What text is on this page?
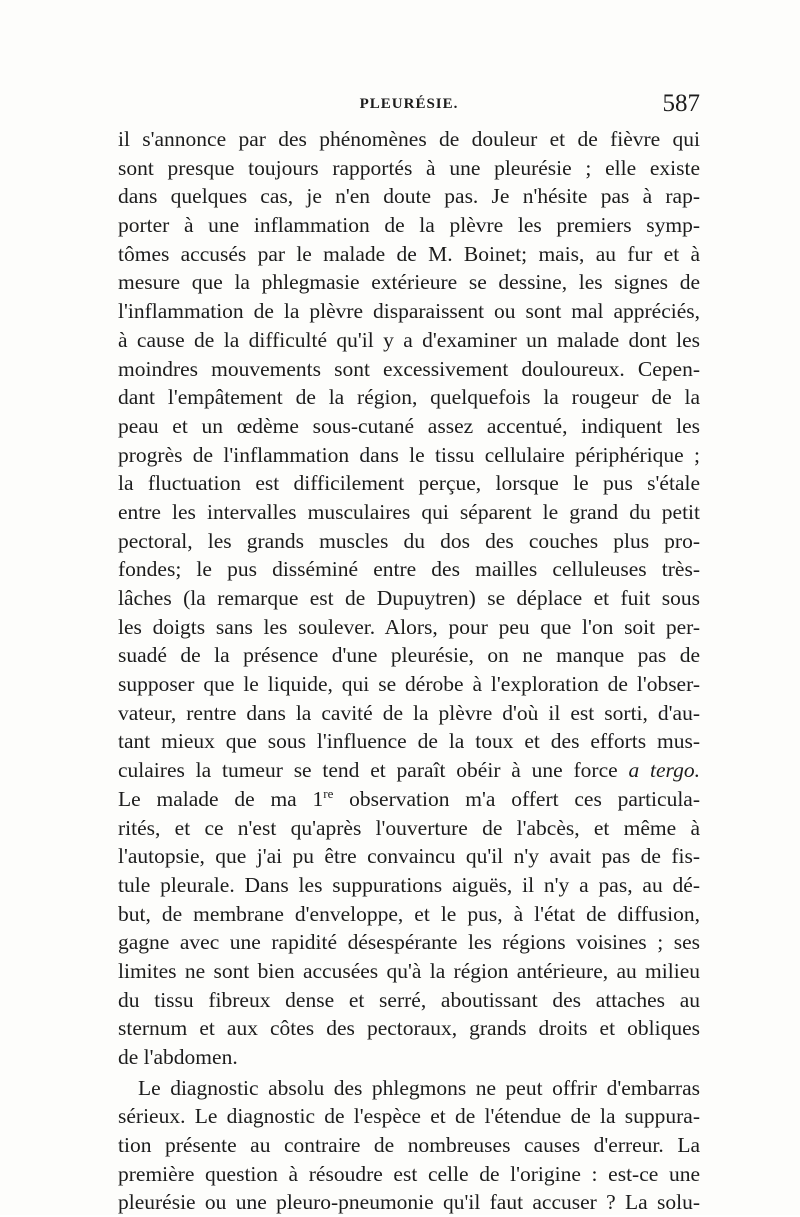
PLEURÉSIE.	587
il s'annonce par des phénomènes de douleur et de fièvre qui
sont presque toujours rapportés à une pleurésie ; elle existe
dans quelques cas, je n'en doute pas. Je n'hésite pas à rap-
porter à une inflammation de la plèvre les premiers symp-
tômes accusés par le malade de M. Boinet; mais, au fur et à
mesure que la phlegmasie extérieure se dessine, les signes de
l'inflammation de la plèvre disparaissent ou sont mal appréciés,
à cause de la difficulté qu'il y a d'examiner un malade dont les
moindres mouvements sont excessivement douloureux. Cepen-
dant l'empâtement de la région, quelquefois la rougeur de la
peau et un œdème sous-cutané assez accentué, indiquent les
progrès de l'inflammation dans le tissu cellulaire périphérique ;
la fluctuation est difficilement perçue, lorsque le pus s'étale
entre les intervalles musculaires qui séparent le grand du petit
pectoral, les grands muscles du dos des couches plus pro-
fondes; le pus disséminé entre des mailles celluleuses très-
lâches (la remarque est de Dupuytren) se déplace et fuit sous
les doigts sans les soulever. Alors, pour peu que l'on soit per-
suadé de la présence d'une pleurésie, on ne manque pas de
supposer que le liquide, qui se dérobe à l'exploration de l'obser-
vateur, rentre dans la cavité de la plèvre d'où il est sorti, d'au-
tant mieux que sous l'influence de la toux et des efforts mus-
culaires la tumeur se tend et paraît obéir à une force a tergo.
Le malade de ma 1re observation m'a offert ces particula-
rités, et ce n'est qu'après l'ouverture de l'abcès, et même à
l'autopsie, que j'ai pu être convaincu qu'il n'y avait pas de fis-
tule pleurale. Dans les suppurations aiguës, il n'y a pas, au dé-
but, de membrane d'enveloppe, et le pus, à l'état de diffusion,
gagne avec une rapidité désespérante les régions voisines ; ses
limites ne sont bien accusées qu'à la région antérieure, au milieu
du tissu fibreux dense et serré, aboutissant des attaches au
sternum et aux côtes des pectoraux, grands droits et obliques
de l'abdomen.
Le diagnostic absolu des phlegmons ne peut offrir d'embarras
sérieux. Le diagnostic de l'espèce et de l'étendue de la suppura-
tion présente au contraire de nombreuses causes d'erreur. La
première question à résoudre est celle de l'origine : est-ce une
pleurésie ou une pleuro-pneumonie qu'il faut accuser ? La solu-
